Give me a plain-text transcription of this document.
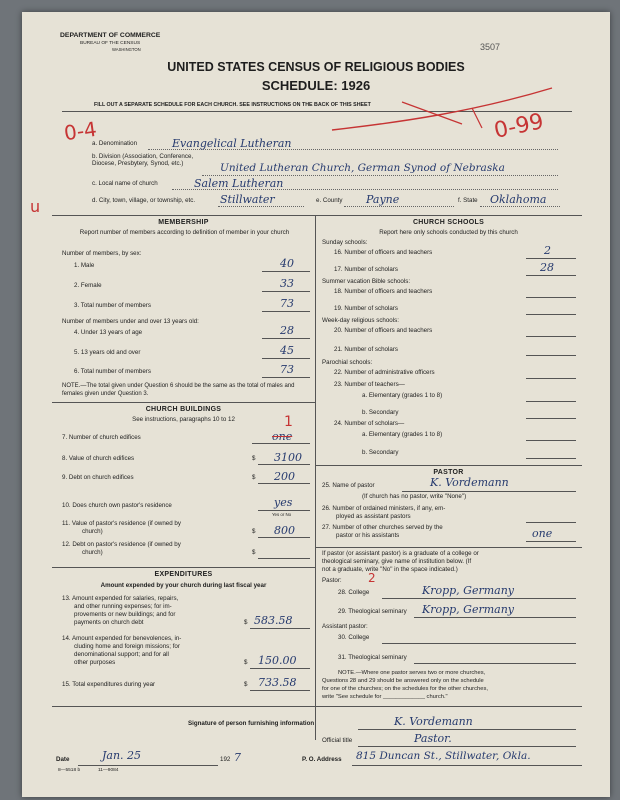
DEPARTMENT OF COMMERCE
BUREAU OF THE CENSUS
WASHINGTON	3507
UNITED STATES CENSUS OF RELIGIOUS BODIES
SCHEDULE: 1926
FILL OUT A SEPARATE SCHEDULE FOR EACH CHURCH. SEE INSTRUCTIONS ON THE BACK OF THIS SHEET
0-4	0-99
u
a. Denomination	Evangelical Lutheran
b. Division (Association, Conference, Diocese, Presbytery, Synod, etc.)	United Lutheran Church, German Synod of Nebraska
c. Local name of church	Salem Lutheran
d. City, town, village, or township, etc. Stillwater	e. County Payne	f. State Oklahoma
MEMBERSHIP
Report number of members according to definition of member in your church
Number of members, by sex:
1. Male	40
2. Female	33
3. Total number of members	73
Number of members under and over 13 years old:
4. Under 13 years of age	28
5. 13 years old and over	45
6. Total number of members	73
NOTE.—The total given under Question 6 should be the same as the total of males and females given under Question 3.
CHURCH BUILDINGS
See instructions, paragraphs 10 to 12
7. Number of church edifices	one
1
8. Value of church edifices	$ 3100
9. Debt on church edifices	$ 200
10. Does church own pastor's residence	yes
Yes or No
11. Value of pastor's residence (if owned by
church)	$ 800
12. Debt on pastor's residence (if owned by
church)	$
EXPENDITURES
Amount expended by your church during last fiscal year
13. Amount expended for salaries, repairs,
and other running expenses; for im-
provements or new buildings; and for
payments on church debt	$ 583.58
14. Amount expended for benevolences, in-
cluding home and foreign missions; for
denominational support; and for all
other purposes	$ 150.00
15. Total expenditures during year	$ 733.58
CHURCH SCHOOLS
Report here only schools conducted by this church
Sunday schools:
16. Number of officers and teachers	2
17. Number of scholars	28
Summer vacation Bible schools:
18. Number of officers and teachers
19. Number of scholars
Week-day religious schools:
20. Number of officers and teachers
21. Number of scholars
Parochial schools:
22. Number of administrative officers
23. Number of teachers—
a. Elementary (grades 1 to 8)
b. Secondary
24. Number of scholars—
a. Elementary (grades 1 to 8)
b. Secondary
PASTOR
25. Name of pastor	K. Vordemann
(If church has no pastor, write "None")
26. Number of ordained ministers, if any, em-
ployed as assistant pastors
27. Number of other churches served by the
pastor or his assistants	one
If pastor (or assistant pastor) is a graduate of a college or
theological seminary, give name of institution below. (If
not a graduate, write "No" in the space indicated.)
Pastor: 2
28. College	Kropp, Germany
29. Theological seminary Kropp, Germany
Assistant pastor:
30. College
31. Theological seminary
NOTE.—Where one pastor serves two or more churches,
Questions 28 and 29 should be answered only on the schedule
for one of the churches; on the schedules for the other churches,
write "See schedule for _____________ church."
Signature of person furnishing information	K. Vordemann
Official title	Pastor.
Date	Jan. 25	192 7	P. O. Address 815 Duncan St., Stillwater, Okla.
8—5518 b	11—9084
